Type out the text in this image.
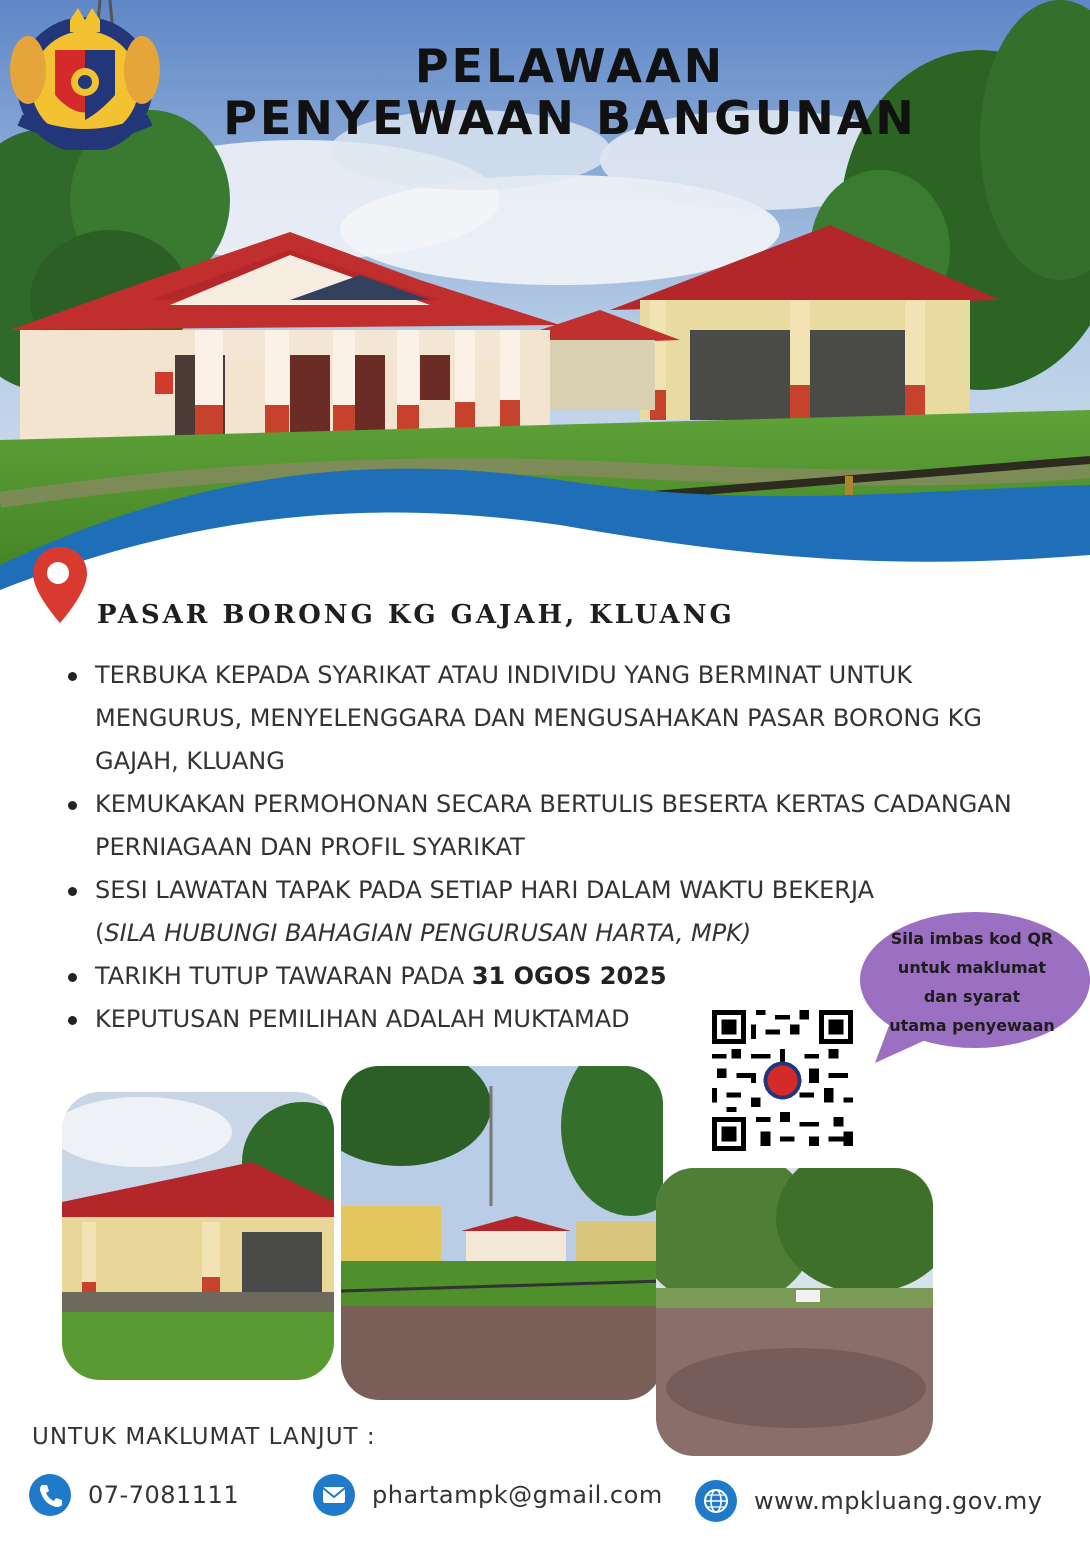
PELAWAAN
PENYEWAAN BANGUNAN
PASAR BORONG KG GAJAH, KLUANG
TERBUKA KEPADA SYARIKAT ATAU INDIVIDU YANG BERMINAT UNTUK MENGURUS, MENYELENGGARA DAN MENGUSAHAKAN PASAR BORONG KG GAJAH, KLUANG
KEMUKAKAN PERMOHONAN SECARA BERTULIS BESERTA KERTAS CADANGAN PERNIAGAAN DAN PROFIL SYARIKAT
SESI LAWATAN TAPAK PADA SETIAP HARI DALAM WAKTU BEKERJA
(SILA HUBUNGI BAHAGIAN PENGURUSAN HARTA, MPK)
TARIKH TUTUP TAWARAN PADA 31 OGOS 2025
KEPUTUSAN PEMILIHAN ADALAH MUKTAMAD
Sila imbas kod QR
untuk maklumat
dan syarat
utama penyewaan
UNTUK MAKLUMAT LANJUT :
07-7081111	phartampk@gmail.com	www.mpkluang.gov.my
